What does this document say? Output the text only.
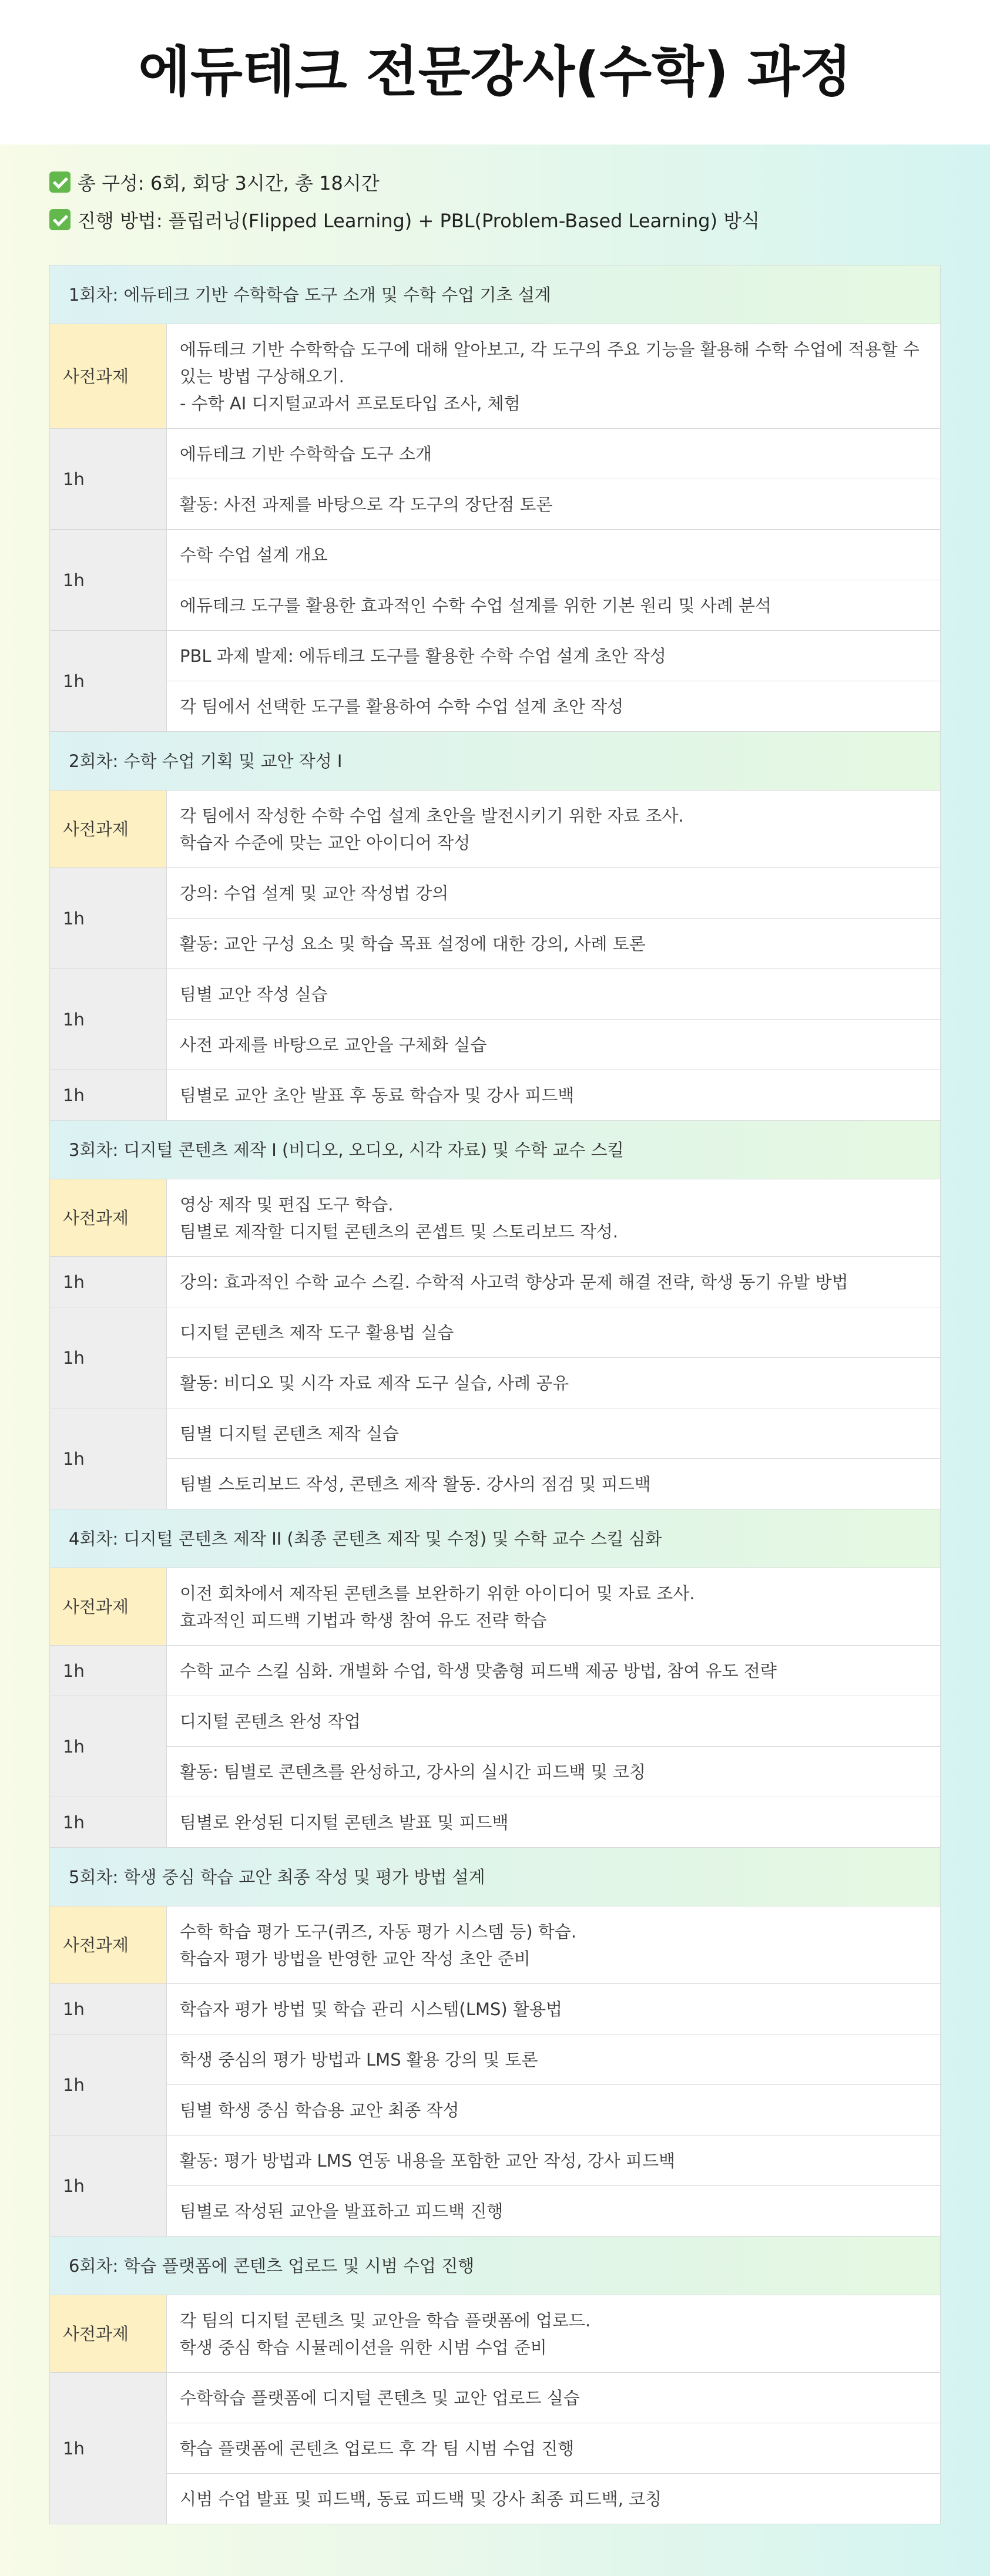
에듀테크 전문강사(수학) 과정
총 구성: 6회, 회당 3시간, 총 18시간
진행 방법: 플립러닝(Flipped Learning) + PBL(Problem-Based Learning) 방식
1회차: 에듀테크 기반 수학학습 도구 소개 및 수학 수업 기초 설계	
사전과제	에듀테크 기반 수학학습 도구에 대해 알아보고, 각 도구의 주요 기능을 활용해 수학 수업에 적용할 수 있는 방법 구상해오기.
- 수학 AI 디지털교과서 프로토타입 조사, 체험

1h	에듀테크 기반 수학학습 도구 소개
	활동: 사전 과제를 바탕으로 각 도구의 장단점 토론
1h	수학 수업 설계 개요
	에듀테크 도구를 활용한 효과적인 수학 수업 설계를 위한 기본 원리 및 사례 분석
1h	PBL 과제 발제: 에듀테크 도구를 활용한 수학 수업 설계 초안 작성
	각 팀에서 선택한 도구를 활용하여 수학 수업 설계 초안 작성
2회차: 수학 수업 기획 및 교안 작성 I	
사전과제	각 팀에서 작성한 수학 수업 설계 초안을 발전시키기 위한 자료 조사.
학습자 수준에 맞는 교안 아이디어 작성

1h	강의: 수업 설계 및 교안 작성법 강의
	활동: 교안 구성 요소 및 학습 목표 설정에 대한 강의, 사례 토론
1h	팀별 교안 작성 실습
	사전 과제를 바탕으로 교안을 구체화 실습
1h	팀별로 교안 초안 발표 후 동료 학습자 및 강사 피드백
3회차: 디지털 콘텐츠 제작 I (비디오, 오디오, 시각 자료) 및 수학 교수 스킬	
사전과제	영상 제작 및 편집 도구 학습.
팀별로 제작할 디지털 콘텐츠의 콘셉트 및 스토리보드 작성.

1h	강의: 효과적인 수학 교수 스킬. 수학적 사고력 향상과 문제 해결 전략, 학생 동기 유발 방법
1h	디지털 콘텐츠 제작 도구 활용법 실습
	활동: 비디오 및 시각 자료 제작 도구 실습, 사례 공유
1h	팀별 디지털 콘텐츠 제작 실습
	팀별 스토리보드 작성, 콘텐츠 제작 활동. 강사의 점검 및 피드백
4회차: 디지털 콘텐츠 제작 II (최종 콘텐츠 제작 및 수정) 및 수학 교수 스킬 심화	
사전과제	이전 회차에서 제작된 콘텐츠를 보완하기 위한 아이디어 및 자료 조사.
효과적인 피드백 기법과 학생 참여 유도 전략 학습

1h	수학 교수 스킬 심화. 개별화 수업, 학생 맞춤형 피드백 제공 방법, 참여 유도 전략
1h	디지털 콘텐츠 완성 작업
	활동: 팀별로 콘텐츠를 완성하고, 강사의 실시간 피드백 및 코칭
1h	팀별로 완성된 디지털 콘텐츠 발표 및 피드백
5회차: 학생 중심 학습 교안 최종 작성 및 평가 방법 설계	
사전과제	수학 학습 평가 도구(퀴즈, 자동 평가 시스템 등) 학습.
학습자 평가 방법을 반영한 교안 작성 초안 준비

1h	학습자 평가 방법 및 학습 관리 시스템(LMS) 활용법
1h	학생 중심의 평가 방법과 LMS 활용 강의 및 토론
	팀별 학생 중심 학습용 교안 최종 작성
1h	활동: 평가 방법과 LMS 연동 내용을 포함한 교안 작성, 강사 피드백
	팀별로 작성된 교안을 발표하고 피드백 진행
6회차: 학습 플랫폼에 콘텐츠 업로드 및 시범 수업 진행	
사전과제	각 팀의 디지털 콘텐츠 및 교안을 학습 플랫폼에 업로드.
학생 중심 학습 시뮬레이션을 위한 시범 수업 준비

1h	수학학습 플랫폼에 디지털 콘텐츠 및 교안 업로드 실습
	학습 플랫폼에 콘텐츠 업로드 후 각 팀 시범 수업 진행
	시범 수업 발표 및 피드백, 동료 피드백 및 강사 최종 피드백, 코칭
